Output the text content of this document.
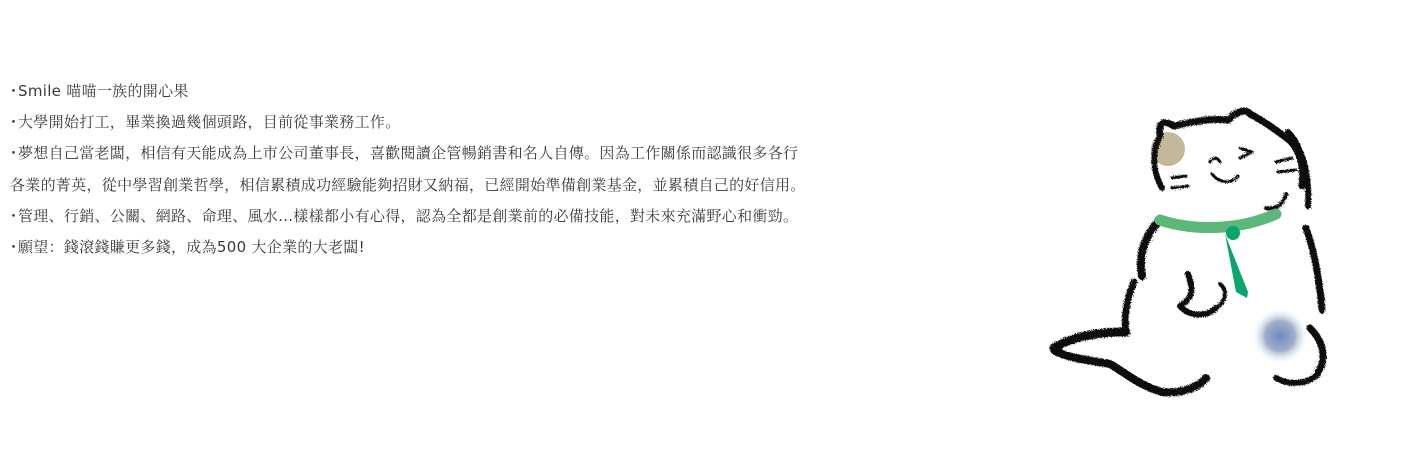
・Smile 喵喵一族的開心果
・大學開始打工，畢業換過幾個頭路，目前從事業務工作。
・夢想自己當老闆，相信有天能成為上市公司董事長，喜歡閱讀企管暢銷書和名人自傳。因為工作關係而認識很多各行
各業的菁英，從中學習創業哲學，相信累積成功經驗能夠招財又納福，已經開始準備創業基金，並累積自己的好信用。
・管理、行銷、公關、網路、命理、風水…樣樣都小有心得，認為全都是創業前的必備技能，對未來充滿野心和衝勁。
・願望：錢滾錢賺更多錢，成為500 大企業的大老闆!
